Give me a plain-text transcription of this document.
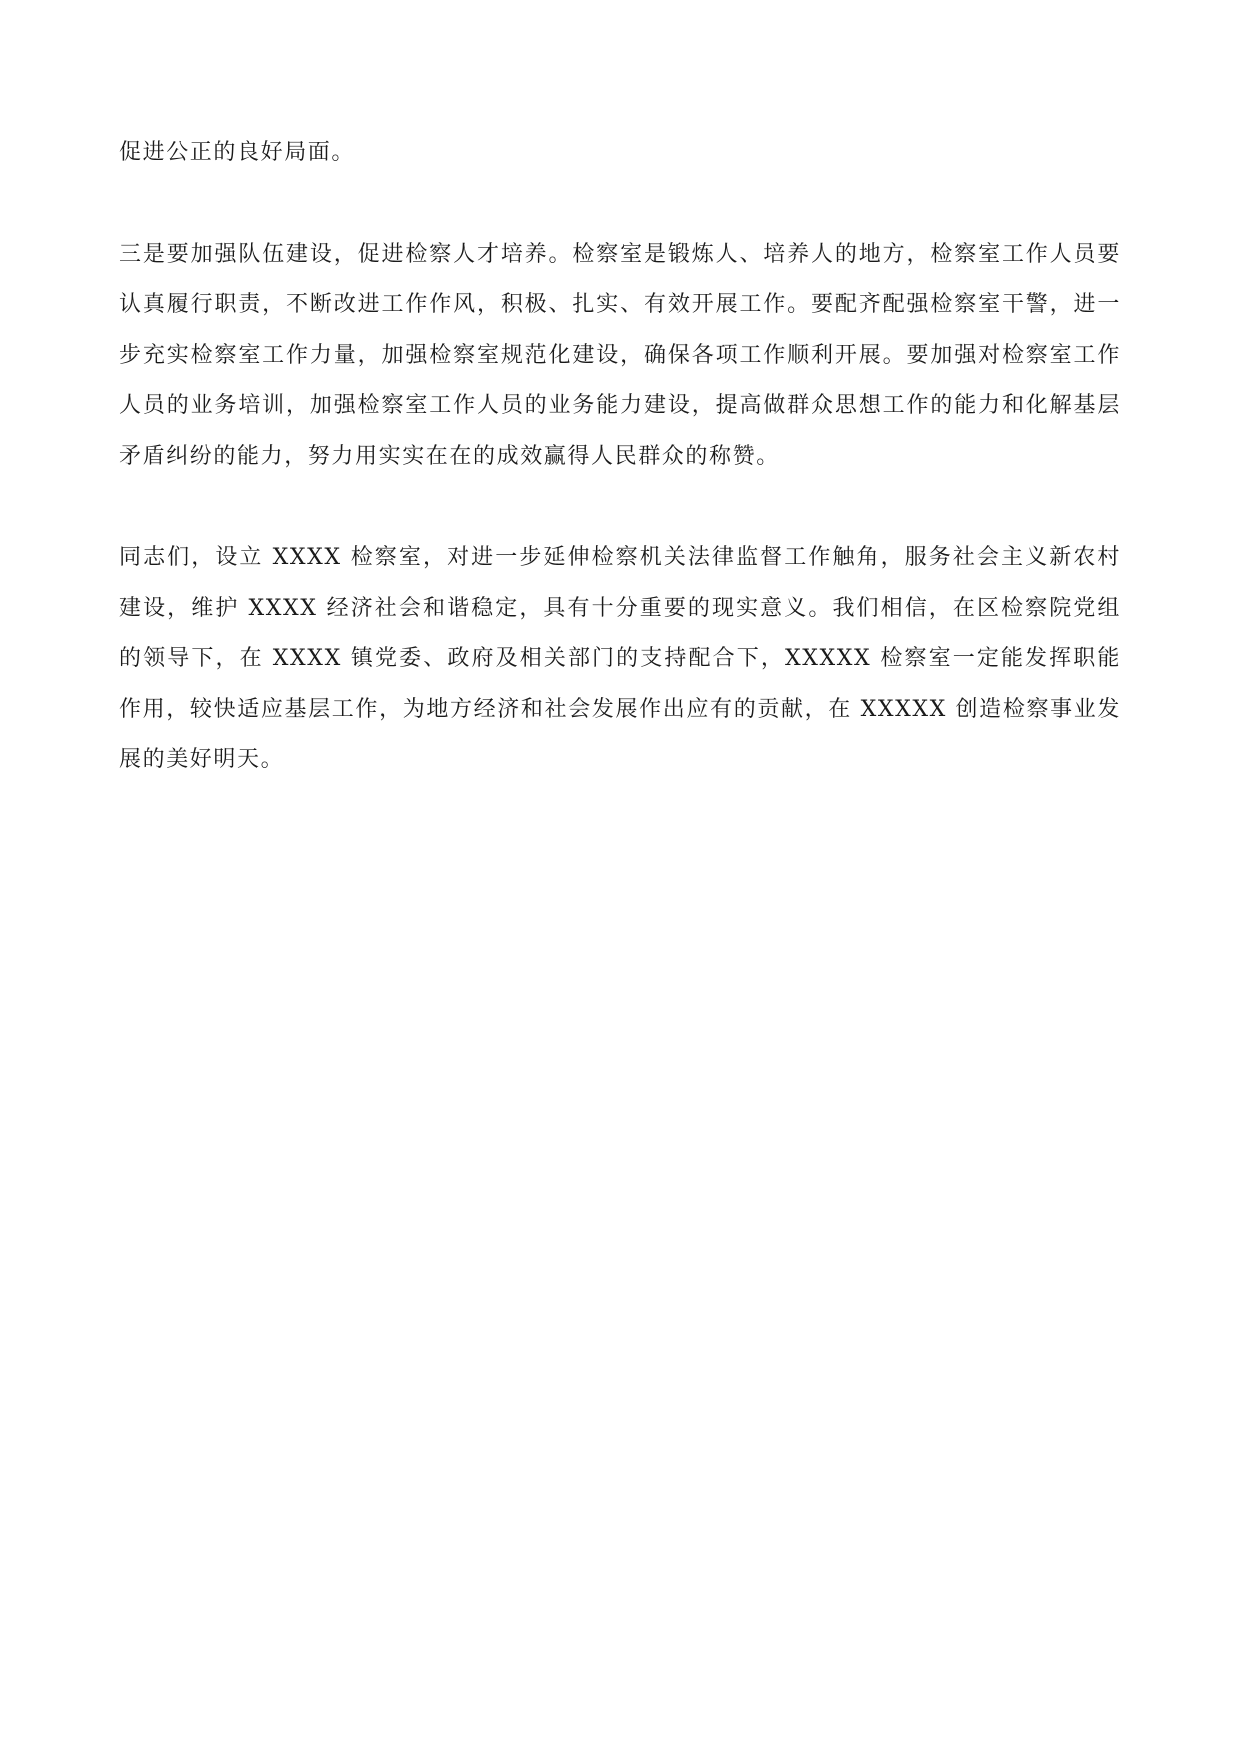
促进公正的良好局面。

三是要加强队伍建设，促进检察人才培养。检察室是锻炼人、培养人的地方，检察室工作人员要认真履行职责，不断改进工作作风，积极、扎实、有效开展工作。要配齐配强检察室干警，进一步充实检察室工作力量，加强检察室规范化建设，确保各项工作顺利开展。要加强对检察室工作人员的业务培训，加强检察室工作人员的业务能力建设，提高做群众思想工作的能力和化解基层矛盾纠纷的能力，努力用实实在在的成效赢得人民群众的称赞。

同志们，设立 XXXX 检察室，对进一步延伸检察机关法律监督工作触角，服务社会主义新农村建设，维护 XXXX 经济社会和谐稳定，具有十分重要的现实意义。我们相信，在区检察院党组的领导下，在 XXXX 镇党委、政府及相关部门的支持配合下，XXXXX 检察室一定能发挥职能作用，较快适应基层工作，为地方经济和社会发展作出应有的贡献，在 XXXXX 创造检察事业发展的美好明天。
